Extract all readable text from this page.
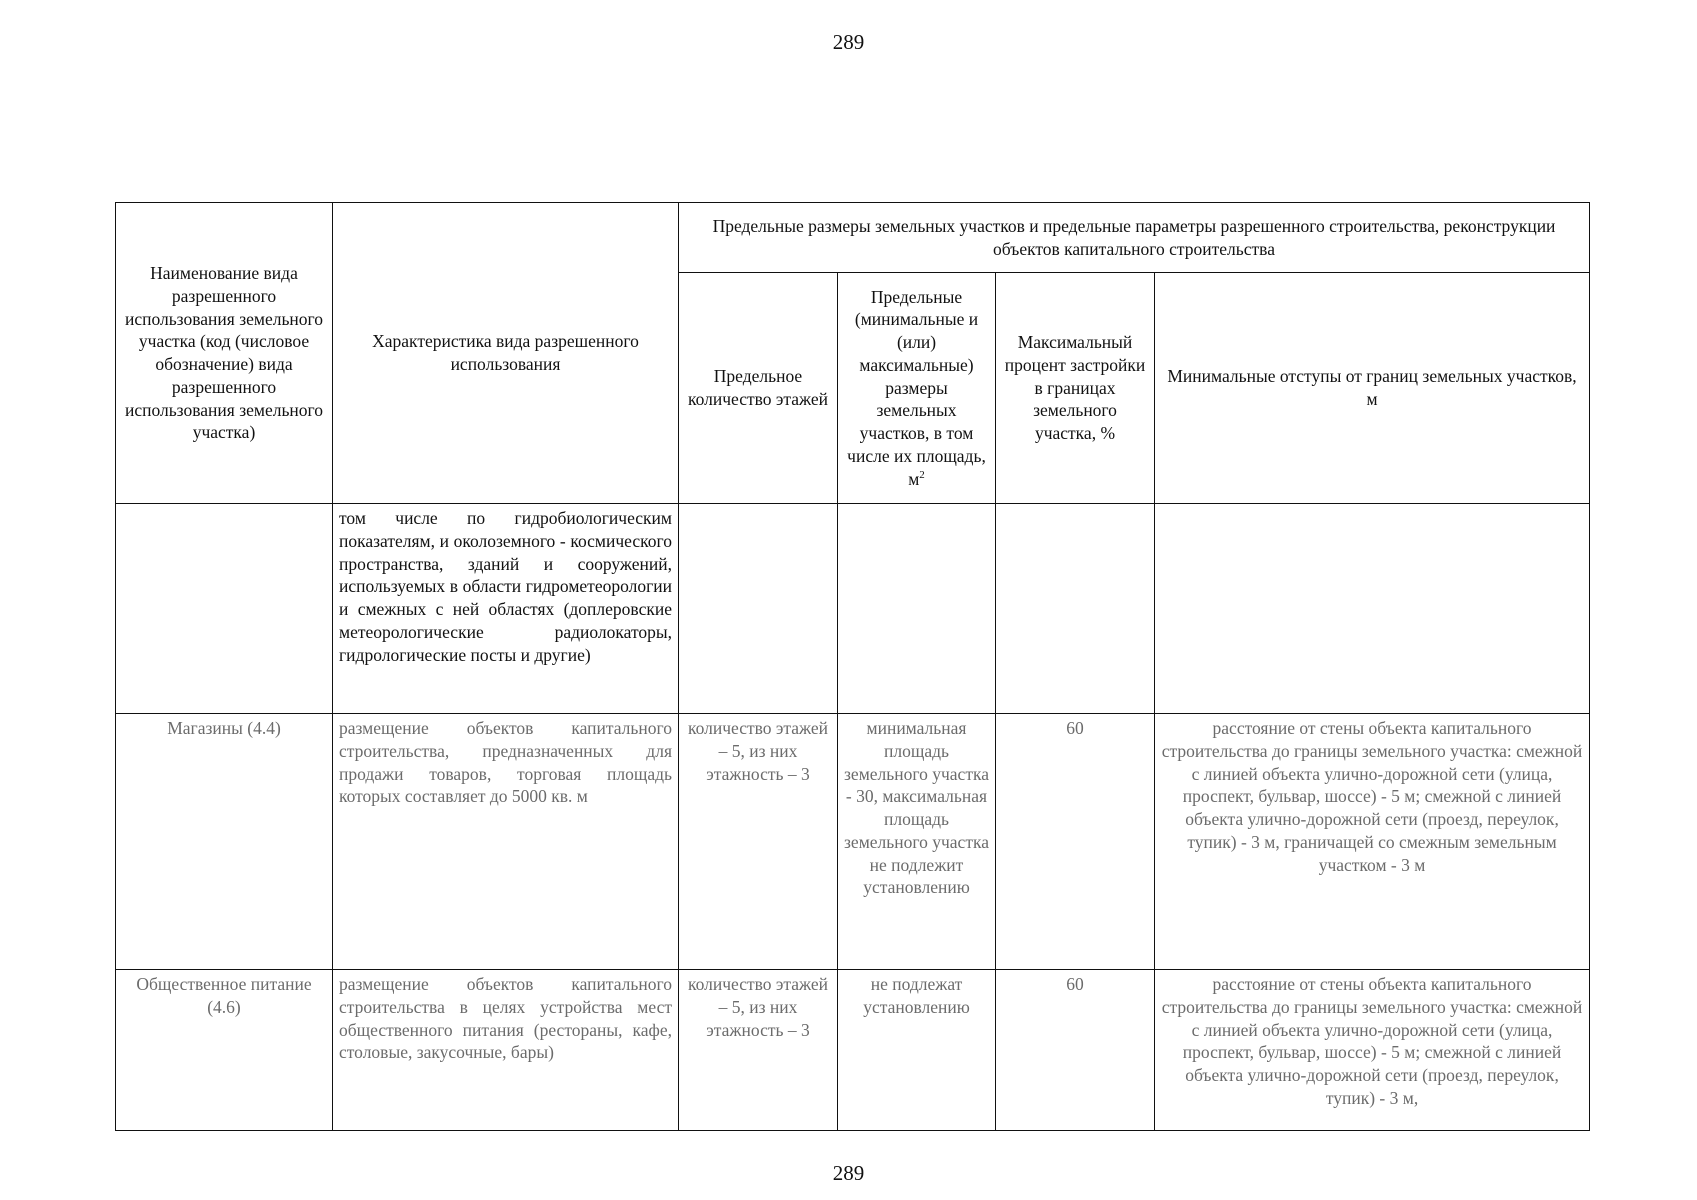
289
Наименование вида разрешенного использования земельного участка (код (числовое обозначение) вида разрешенного использования земельного участка)	Характеристика вида разрешенного использования	Предельные размеры земельных участков и предельные параметры разрешенного строительства, реконструкции объектов капитального строительства			
		Предельное количество этажей	Предельные (минимальные и (или) максимальные) размеры земельных участков, в том числе их площадь, $м^2$	Максимальный процент застройки в границах земельного участка, %	Минимальные отступы от границ земельных участков, м
	том числе по гидробиологическим показателям, и околоземного - космического пространства, зданий и сооружений, используемых в области гидрометеорологии и смежных с ней областях (доплеровские метеорологические радиолокаторы, гидрологические посты и другие)				
Магазины (4.4)	размещение объектов капитального строительства, предназначенных для продажи товаров, торговая площадь которых составляет до 5000 кв. м	количество этажей – 5, из них этажность – 3	минимальная площадь земельного участка - 30, максимальная площадь земельного участка не подлежит установлению	60	расстояние от стены объекта капитального строительства до границы земельного участка: смежной с линией объекта улично-дорожной сети (улица, проспект, бульвар, шоссе) - 5 м; смежной с линией объекта улично-дорожной сети (проезд, переулок, тупик) - 3 м, граничащей со смежным земельным участком - 3 м
Общественное питание (4.6)	размещение объектов капитального строительства в целях устройства мест общественного питания (рестораны, кафе, столовые, закусочные, бары)	количество этажей – 5, из них этажность – 3	не подлежат установлению	60	расстояние от стены объекта капитального строительства до границы земельного участка: смежной с линией объекта улично-дорожной сети (улица, проспект, бульвар, шоссе) - 5 м; смежной с линией объекта улично-дорожной сети (проезд, переулок, тупик) - 3 м,
289
